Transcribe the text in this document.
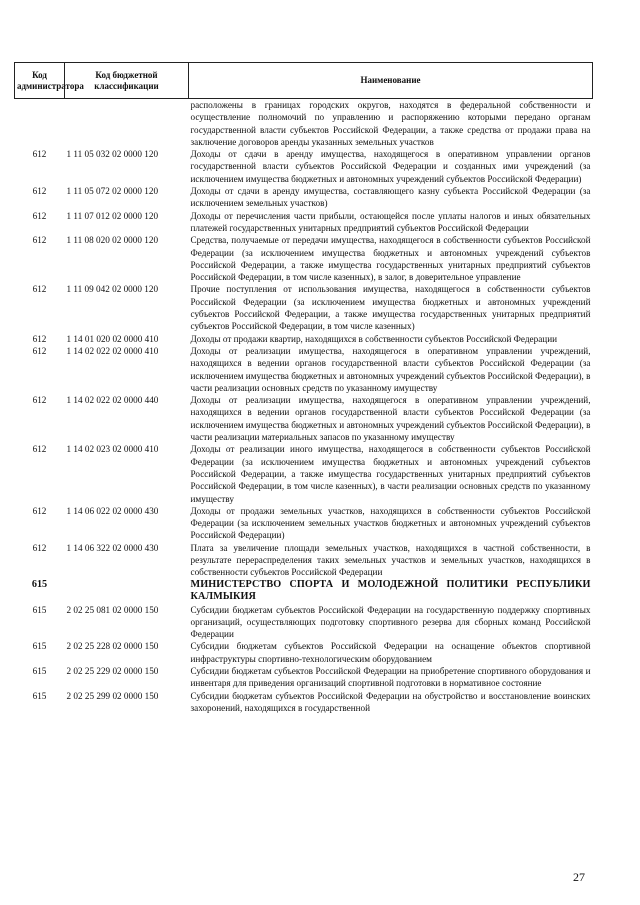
Код администратора	Код бюджетной классификации	Наименование
		расположены в границах городских округов, находятся в федеральной собственности и осуществление полномочий по управлению и распоряжению которыми передано органам государственной власти субъектов Российской Федерации, а также средства от продажи права на заключение договоров аренды указанных земельных участков
612	1 11 05 032 02 0000 120	Доходы от сдачи в аренду имущества, находящегося в оперативном управлении органов государственной власти субъектов Российской Федерации и созданных ими учреждений (за исключением имущества бюджетных и автономных учреждений субъектов Российской Федерации)
612	1 11 05 072 02 0000 120	Доходы от сдачи в аренду имущества, составляющего казну субъекта Российской Федерации (за исключением земельных участков)
612	1 11 07 012 02 0000 120	Доходы от перечисления части прибыли, остающейся после уплаты налогов и иных обязательных платежей государственных унитарных предприятий субъектов Российской Федерации
612	1 11 08 020 02 0000 120	Средства, получаемые от передачи имущества, находящегося в собственности субъектов Российской Федерации (за исключением имущества бюджетных и автономных учреждений субъектов Российской Федерации, а также имущества государственных унитарных предприятий субъектов Российской Федерации, в том числе казенных), в залог, в доверительное управление
612	1 11 09 042 02 0000 120	Прочие поступления от использования имущества, находящегося в собственности субъектов Российской Федерации (за исключением имущества бюджетных и автономных учреждений субъектов Российской Федерации, а также имущества государственных унитарных предприятий субъектов Российской Федерации, в том числе казенных)
612	1 14 01 020 02 0000 410	Доходы от продажи квартир, находящихся в собственности субъектов Российской Федерации
612	1 14 02 022 02 0000 410	Доходы от реализации имущества, находящегося в оперативном управлении учреждений, находящихся в ведении органов государственной власти субъектов Российской Федерации (за исключением имущества бюджетных и автономных учреждений субъектов Российской Федерации), в части реализации основных средств по указанному имуществу
612	1 14 02 022 02 0000 440	Доходы от реализации имущества, находящегося в оперативном управлении учреждений, находящихся в ведении органов государственной власти субъектов Российской Федерации (за исключением имущества бюджетных и автономных учреждений субъектов Российской Федерации), в части реализации материальных запасов по указанному имуществу
612	1 14 02 023 02 0000 410	Доходы от реализации иного имущества, находящегося в собственности субъектов Российской Федерации (за исключением имущества бюджетных и автономных учреждений субъектов Российской Федерации, а также имущества государственных унитарных предприятий субъектов Российской Федерации, в том числе казенных), в части реализации основных средств по указанному имуществу
612	1 14 06 022 02 0000 430	Доходы от продажи земельных участков, находящихся в собственности субъектов Российской Федерации (за исключением земельных участков бюджетных и автономных учреждений субъектов Российской Федерации)
612	1 14 06 322 02 0000 430	Плата за увеличение площади земельных участков, находящихся в частной собственности, в результате перераспределения таких земельных участков и земельных участков, находящихся в собственности субъектов Российской Федерации
615		МИНИСТЕРСТВО СПОРТА И МОЛОДЕЖНОЙ ПОЛИТИКИ РЕСПУБЛИКИ КАЛМЫКИЯ
615	2 02 25 081 02 0000 150	Субсидии бюджетам субъектов Российской Федерации на государственную поддержку спортивных организаций, осуществляющих подготовку спортивного резерва для сборных команд Российской Федерации
615	2 02 25 228 02 0000 150	Субсидии бюджетам субъектов Российской Федерации на оснащение объектов спортивной инфраструктуры спортивно-технологическим оборудованием
615	2 02 25 229 02 0000 150	Субсидии бюджетам субъектов Российской Федерации на приобретение спортивного оборудования и инвентаря для приведения организаций спортивной подготовки в нормативное состояние
615	2 02 25 299 02 0000 150	Субсидии бюджетам субъектов Российской Федерации на обустройство и восстановление воинских захоронений, находящихся в государственной
27
